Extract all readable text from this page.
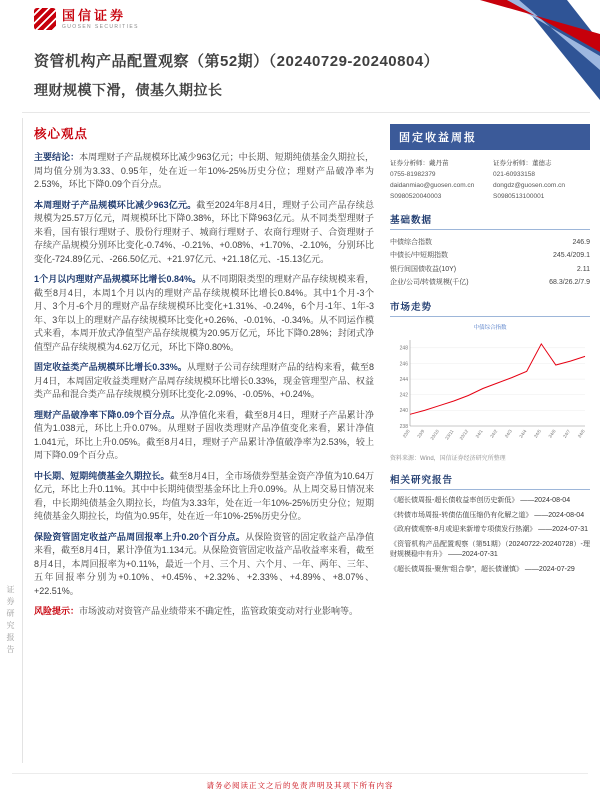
证券研究报告
国信证券
GUOSEN SECURITIES
资管机构产品配置观察（第52期）（20240729-20240804）
理财规模下滑，债基久期拉长
核心观点

主要结论：本周理财子产品规模环比减少963亿元；中长期、短期纯债基金久期拉长，周均值分别为3.33、0.95年，处在近一年10%-25%历史分位；理财产品破净率为2.53%，环比下降0.09个百分点。

本周理财子产品规模环比减少963亿元。截至2024年8月4日，理财子公司产品存续总规模为25.57万亿元，周规模环比下降0.38%，环比下降963亿元。从不同类型理财子来看，国有银行理财子、股份行理财子、城商行理财子、农商行理财子、合资理财子存续产品规模分别环比变化-0.74%、-0.21%、+0.08%、+1.70%、-2.10%，分别环比变化-724.89亿元、-266.50亿元、+21.97亿元、+21.18亿元、-15.13亿元。

1个月以内理财产品规模环比增长0.84%。从不同期限类型的理财产品存续规模来看，截至8月4日，本周1个月以内的理财产品存续规模环比增长0.84%。其中1个月-3个月、3个月-6个月的理财产品存续规模环比变化+1.31%、-0.24%，6个月-1年、1年-3年、3年以上的理财产品存续规模环比变化+0.26%、-0.01%、-0.34%。从不同运作模式来看，本周开放式净值型产品存续规模为20.95万亿元，环比下降0.28%；封闭式净值型产品存续规模为4.62万亿元，环比下降0.80%。

固定收益类产品规模环比增长0.33%。从理财子公司存续理财产品的结构来看，截至8月4日，本周固定收益类理财产品周存续规模环比增长0.33%，现金管理型产品、权益类产品和混合类产品存续规模分别环比变化-2.09%、-0.05%、+0.24%。

理财产品破净率下降0.09个百分点。从净值化来看，截至8月4日，理财子产品累计净值为1.038元，环比上升0.07%。从理财子固收类理财产品净值变化来看，累计净值1.041元，环比上升0.05%。截至8月4日，理财子产品累计净值破净率为2.53%，较上周下降0.09个百分点。

中长期、短期纯债基金久期拉长。截至8月4日，全市场债券型基金资产净值为10.64万亿元，环比上升0.11%。其中中长期纯债型基金环比上升0.09%。从上周交易日情况来看，中长期纯债基金久期拉长，均值为3.33年，处在近一年10%-25%历史分位；短期纯债基金久期拉长，均值为0.95年，处在近一年10%-25%历史分位。

保险资管固定收益产品周回报率上升0.20个百分点。从保险资管的固定收益产品净值来看，截至8月4日，累计净值为1.134元。从保险资管固定收益产品收益率来看，截至8月4日，本周回报率为+0.11%，最近一个月、三个月、六个月、一年、两年、三年、五年回报率分别为+0.10%、+0.45%、+2.32%、+2.33%、+4.89%、+8.07%、+22.51%。

风险提示：市场波动对资管产品业绩带来不确定性，监管政策变动对行业影响等。

固定收益周报
证券分析师：戴丹苗
0755-81982379
daidanmiao@guosen.com.cn
S0980520040003
证券分析师：董德志
021-60933158
dongdz@guosen.com.cn
S0980513100001
基础数据
中债综合指数	246.9
中债长/中短期指数	245.4/209.1
银行间国债收益(10Y)	2.11
企业/公司/转债规模(千亿)	68.3/26.2/7.9
市场走势
中债综合指数
238
240
242
244
246
248
23/8 23/9 23/10 23/11 23/12 24/1 24/2 24/3 24/4 24/5 24/6 24/7 24/8
资料来源：Wind，国信证券经济研究所整理
相关研究报告

《超长债周报-超长债收益率创历史新低》 ——2024-08-04

《转债市场周报-转债估值压缩仍有化解之道》 ——2024-08-04

《政府债观察-8月或迎来新增专项债发行热潮》 ——2024-07-31

《资管机构产品配置观察（第51期）（20240722-20240728）-理财规模稳中有升》 ——2024-07-31

《超长债周报-聚焦“组合拳”，超长债谨慎》 ——2024-07-29

请务必阅读正文之后的免责声明及其项下所有内容
